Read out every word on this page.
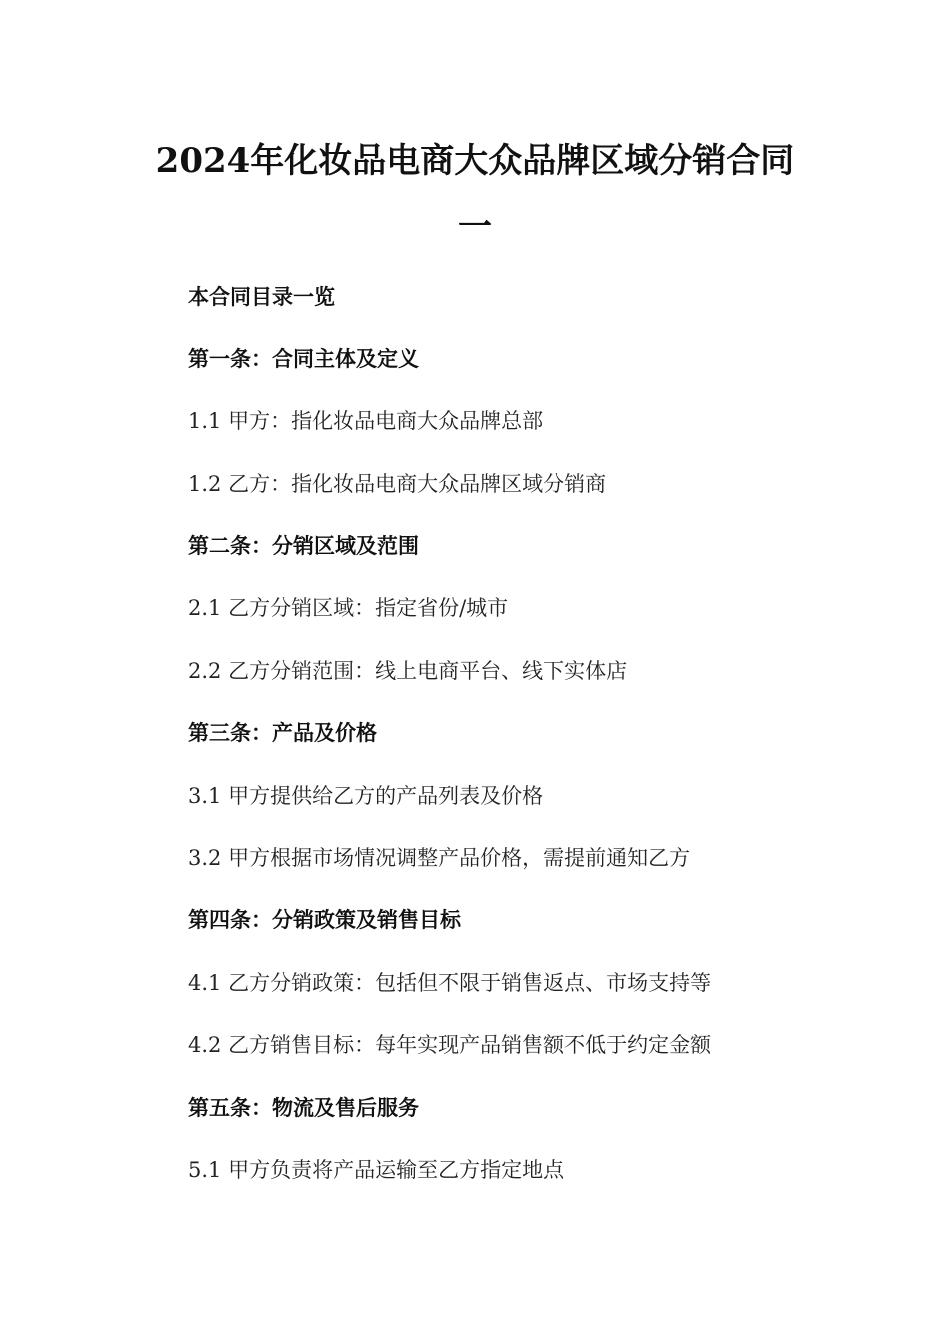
2024年化妆品电商大众品牌区域分销合同一
本合同目录一览
第一条：合同主体及定义
1.1 甲方：指化妆品电商大众品牌总部
1.2 乙方：指化妆品电商大众品牌区域分销商
第二条：分销区域及范围
2.1 乙方分销区域：指定省份/城市
2.2 乙方分销范围：线上电商平台、线下实体店
第三条：产品及价格
3.1 甲方提供给乙方的产品列表及价格
3.2 甲方根据市场情况调整产品价格，需提前通知乙方
第四条：分销政策及销售目标
4.1 乙方分销政策：包括但不限于销售返点、市场支持等
4.2 乙方销售目标：每年实现产品销售额不低于约定金额
第五条：物流及售后服务
5.1 甲方负责将产品运输至乙方指定地点
